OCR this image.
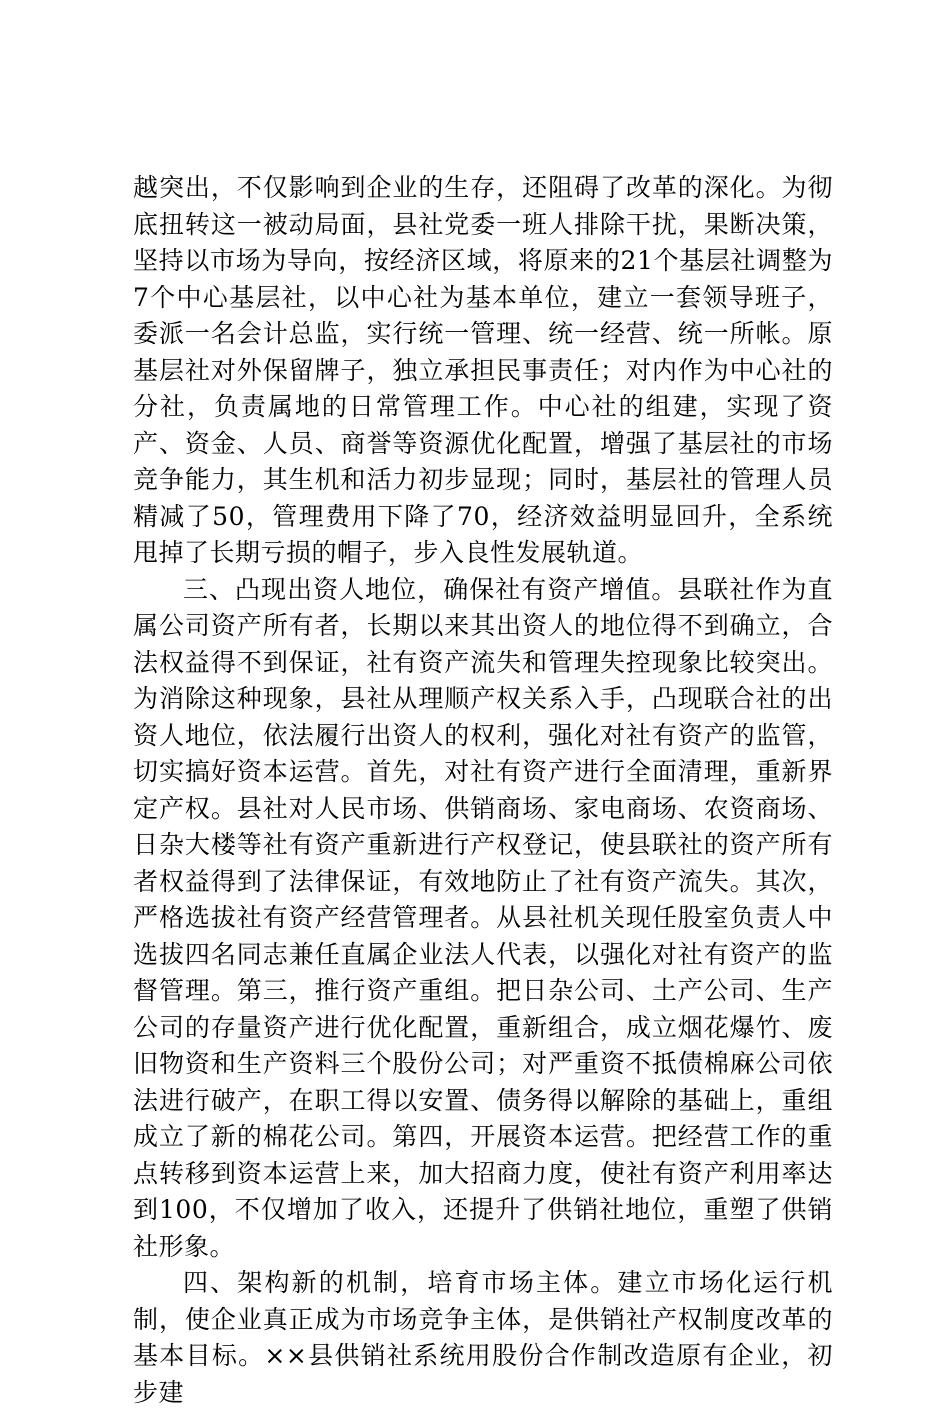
越突出，不仅影响到企业的生存，还阻碍了改革的深化。为彻底扭转这一被动局面，县社党委一班人排除干扰，果断决策，坚持以市场为导向，按经济区域，将原来的21个基层社调整为7个中心基层社，以中心社为基本单位，建立一套领导班子，委派一名会计总监，实行统一管理、统一经营、统一所帐。原基层社对外保留牌子，独立承担民事责任；对内作为中心社的分社，负责属地的日常管理工作。中心社的组建，实现了资产、资金、人员、商誉等资源优化配置，增强了基层社的市场竞争能力，其生机和活力初步显现；同时，基层社的管理人员精减了50，管理费用下降了70，经济效益明显回升，全系统甩掉了长期亏损的帽子，步入良性发展轨道。

三、凸现出资人地位，确保社有资产增值。县联社作为直属公司资产所有者，长期以来其出资人的地位得不到确立，合法权益得不到保证，社有资产流失和管理失控现象比较突出。为消除这种现象，县社从理顺产权关系入手，凸现联合社的出资人地位，依法履行出资人的权利，强化对社有资产的监管，切实搞好资本运营。首先，对社有资产进行全面清理，重新界定产权。县社对人民市场、供销商场、家电商场、农资商场、日杂大楼等社有资产重新进行产权登记，使县联社的资产所有者权益得到了法律保证，有效地防止了社有资产流失。其次，严格选拔社有资产经营管理者。从县社机关现任股室负责人中选拔四名同志兼任直属企业法人代表，以强化对社有资产的监督管理。第三，推行资产重组。把日杂公司、土产公司、生产公司的存量资产进行优化配置，重新组合，成立烟花爆竹、废旧物资和生产资料三个股份公司；对严重资不抵债棉麻公司依法进行破产，在职工得以安置、债务得以解除的基础上，重组成立了新的棉花公司。第四，开展资本运营。把经营工作的重点转移到资本运营上来，加大招商力度，使社有资产利用率达到100，不仅增加了收入，还提升了供销社地位，重塑了供销社形象。

四、架构新的机制，培育市场主体。建立市场化运行机制，使企业真正成为市场竞争主体，是供销社产权制度改革的基本目标。××县供销社系统用股份合作制改造原有企业，初步建
